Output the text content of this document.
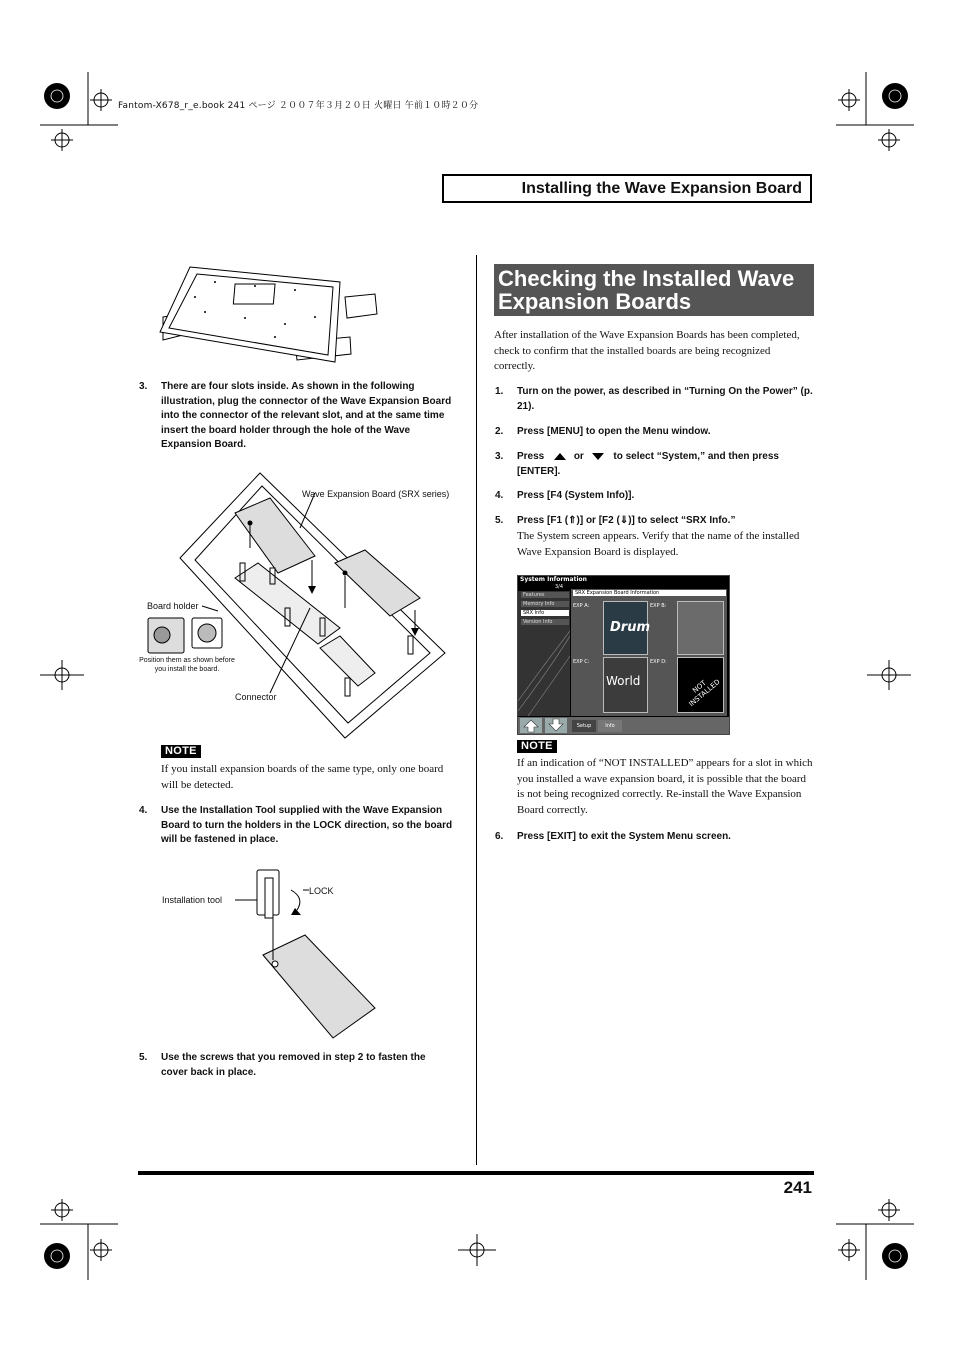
Fantom-X678_r_e.book 241 ページ ２００７年３月２０日 火曜日 午前１０時２０分
Installing the Wave Expansion Board
3. There are four slots inside. As shown in the following illustration, plug the connector of the Wave Expansion Board into the connector of the relevant slot, and at the same time insert the board holder through the hole of the Wave Expansion Board.
Wave Expansion Board (SRX series)
Board holder
Position them as shown before you install the board.
Connector
NOTE
If you install expansion boards of the same type, only one board will be detected.
4. Use the Installation Tool supplied with the Wave Expansion Board to turn the holders in the LOCK direction, so the board will be fastened in place.
Installation tool
LOCK
5. Use the screws that you removed in step 2 to fasten the cover back in place.
Checking the Installed Wave Expansion Boards
After installation of the Wave Expansion Boards has been completed, check to confirm that the installed boards are being recognized correctly.
1. Turn on the power, as described in “Turning On the Power” (p. 21).
2. Press [MENU] to open the Menu window.
3. Press	or	to select “System,” and then press [ENTER].
4. Press [F4 (System Info)].
5. Press [F1 (⇑)] or [F2 (⇓)] to select “SRX Info.”
The System screen appears. Verify that the name of the installed Wave Expansion Board is displayed.
System Information
3/4
Features
Memory Info
SRX Info
Version Info
SRX Expansion Board Information
EXP A:
Drum
EXP B:
EXP C:
World
EXP D:
NOT INSTALLED
Setup	Info
NOTE
If an indication of “NOT INSTALLED” appears for a slot in which you installed a wave expansion board, it is possible that the board is not being recognized correctly. Re-install the Wave Expansion Board correctly.
6. Press [EXIT] to exit the System Menu screen.
241
